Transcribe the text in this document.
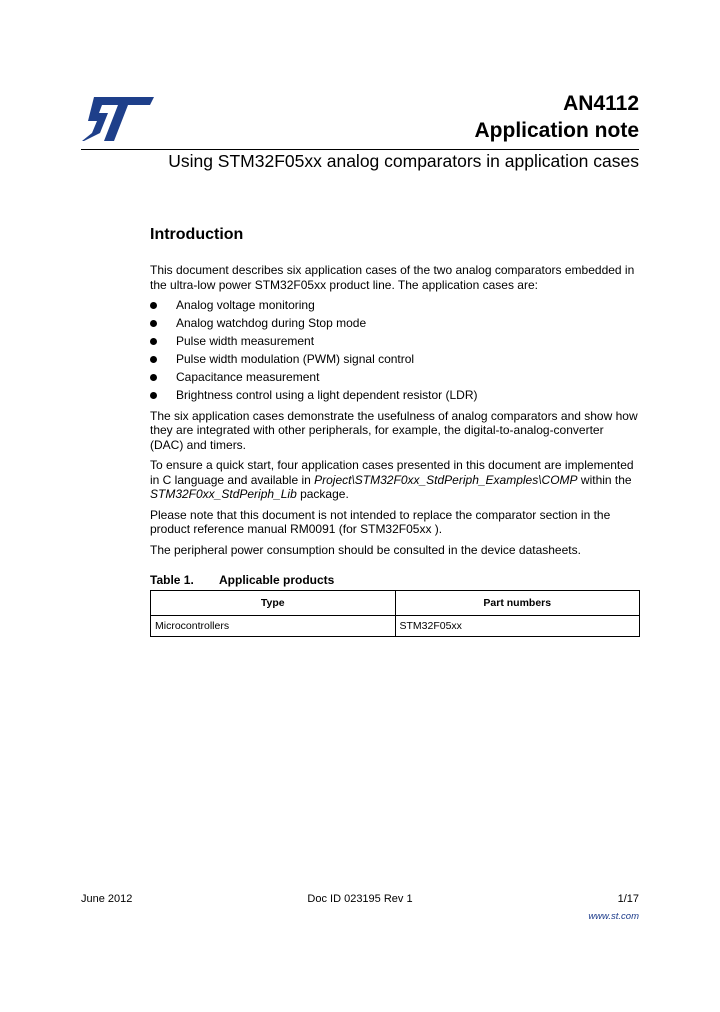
AN4112
Application note
Using STM32F05xx analog comparators in application cases
Introduction

This document describes six application cases of the two analog comparators embedded in the ultra-low power STM32F05xx product line. The application cases are:

Analog voltage monitoring
Analog watchdog during Stop mode
Pulse width measurement
Pulse width modulation (PWM) signal control
Capacitance measurement
Brightness control using a light dependent resistor (LDR)

The six application cases demonstrate the usefulness of analog comparators and show how they are integrated with other peripherals, for example, the digital-to-analog-converter (DAC) and timers.

To ensure a quick start, four application cases presented in this document are implemented in C language and available in Project\STM32F0xx_StdPeriph_Examples\COMP within the STM32F0xx_StdPeriph_Lib package.

Please note that this document is not intended to replace the comparator section in the product reference manual RM0091 (for STM32F05xx ).

The peripheral power consumption should be consulted in the device datasheets.

Table 1. Applicable products
Type	Part numbers
Microcontrollers	STM32F05xx
June 2012	Doc ID 023195 Rev 1	1/17
www.st.com
